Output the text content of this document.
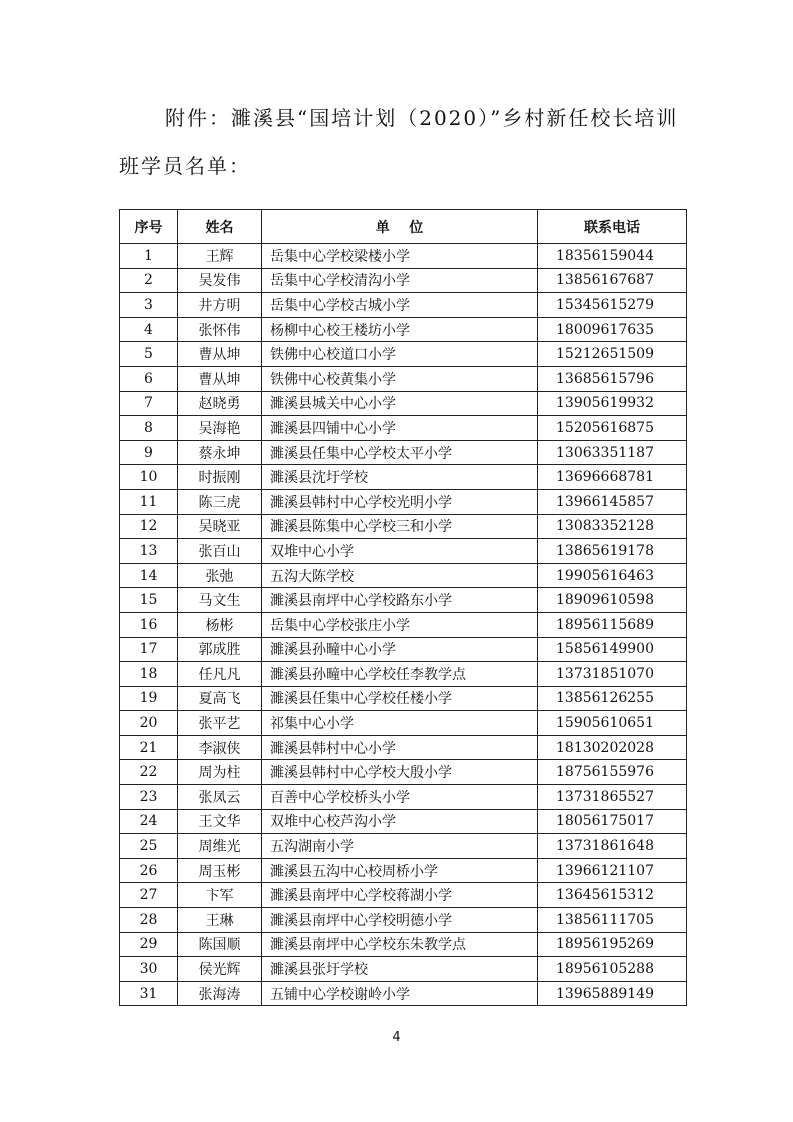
附件：濉溪县“国培计划（2020）”乡村新任校长培训
班学员名单：
序号	姓名	单    位	联系电话
1	王辉	岳集中心学校梁楼小学	18356159044
2	吴发伟	岳集中心学校清沟小学	13856167687
3	井方明	岳集中心学校古城小学	15345615279
4	张怀伟	杨柳中心校王楼坊小学	18009617635
5	曹从坤	铁佛中心校道口小学	15212651509
6	曹从坤	铁佛中心校黄集小学	13685615796
7	赵晓勇	濉溪县城关中心小学	13905619932
8	吴海艳	濉溪县四铺中心小学	15205616875
9	蔡永坤	濉溪县任集中心学校太平小学	13063351187
10	时振刚	濉溪县沈圩学校	13696668781
11	陈三虎	濉溪县韩村中心学校光明小学	13966145857
12	吴晓亚	濉溪县陈集中心学校三和小学	13083352128
13	张百山	双堆中心小学	13865619178
14	张弛	五沟大陈学校	19905616463
15	马文生	濉溪县南坪中心学校路东小学	18909610598
16	杨彬	岳集中心学校张庄小学	18956115689
17	郭成胜	濉溪县孙疃中心小学	15856149900
18	任凡凡	濉溪县孙疃中心学校任李教学点	13731851070
19	夏高飞	濉溪县任集中心学校任楼小学	13856126255
20	张平艺	祁集中心小学	15905610651
21	李淑侠	濉溪县韩村中心小学	18130202028
22	周为柱	濉溪县韩村中心学校大殷小学	18756155976
23	张凤云	百善中心学校桥头小学	13731865527
24	王文华	双堆中心校芦沟小学	18056175017
25	周维光	五沟湖南小学	13731861648
26	周玉彬	濉溪县五沟中心校周桥小学	13966121107
27	卞军	濉溪县南坪中心学校蒋湖小学	13645615312
28	王琳	濉溪县南坪中心学校明德小学	13856111705
29	陈国顺	濉溪县南坪中心学校东朱教学点	18956195269
30	侯光辉	濉溪县张圩学校	18956105288
31	张海涛	五铺中心学校谢岭小学	13965889149
4
